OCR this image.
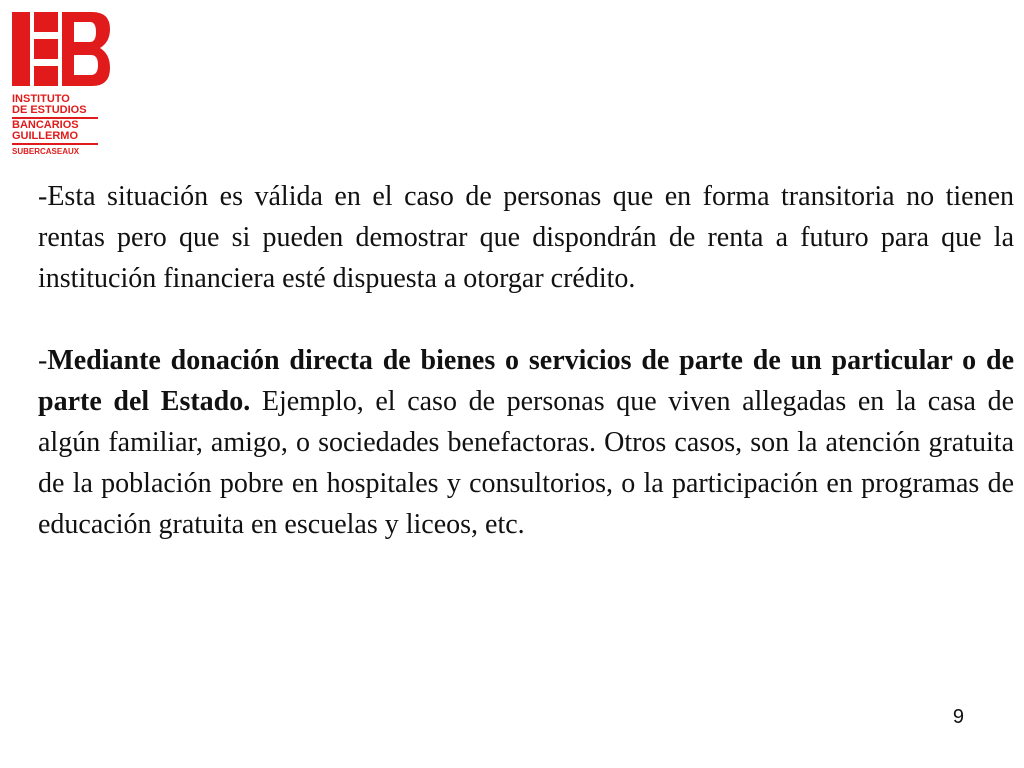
INSTITUTO
DE ESTUDIOS
BANCARIOS
GUILLERMO
SUBERCASEAUX

-Esta situación es válida en el caso de personas que en forma transitoria no tienen rentas pero que si pueden demostrar que dispondrán de renta a futuro para que la institución financiera esté dispuesta a otorgar crédito.

-Mediante donación directa de bienes o servicios de parte de un particular o de parte del Estado. Ejemplo, el caso de personas que viven allegadas en la casa de algún familiar, amigo, o sociedades benefactoras. Otros casos, son la atención gratuita de la población pobre en hospitales y consultorios, o la participación en programas de educación gratuita en escuelas y liceos, etc.

9
